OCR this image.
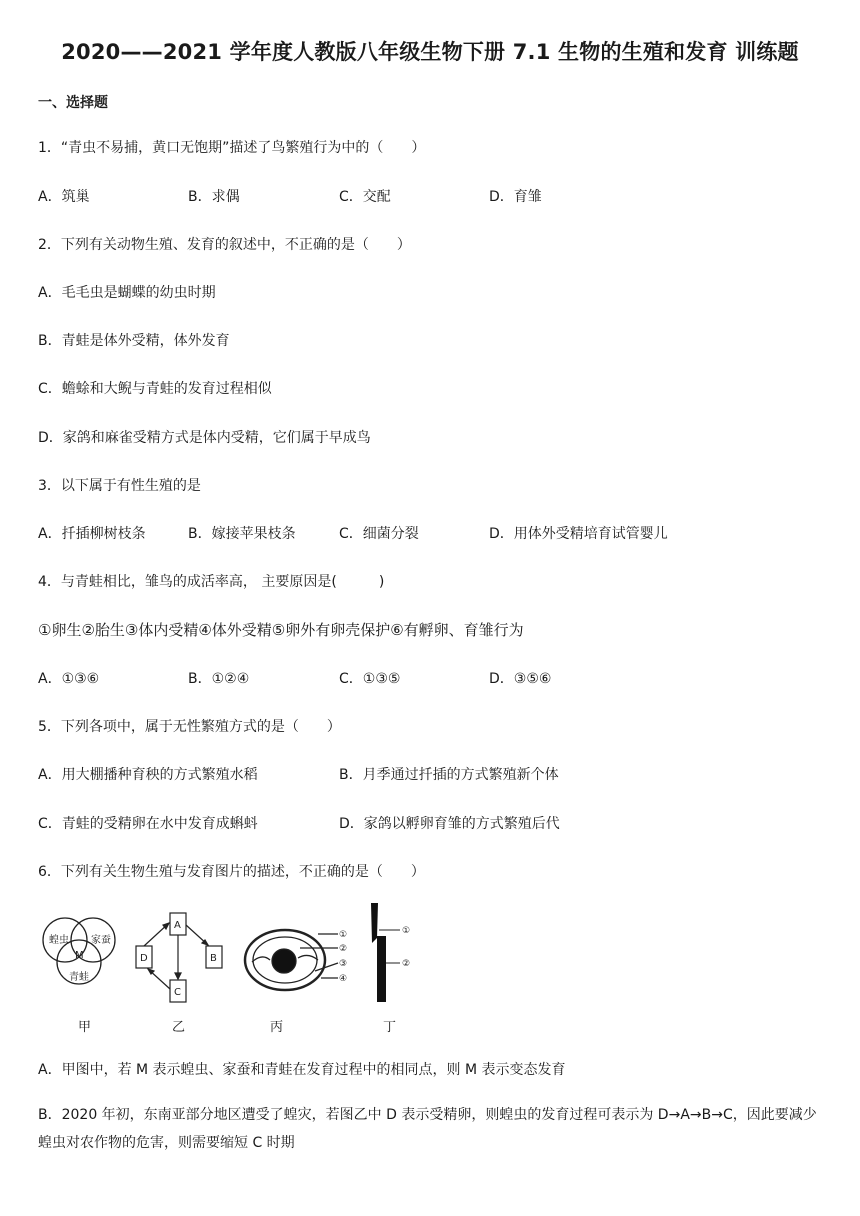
2020——2021 学年度人教版八年级生物下册 7.1 生物的生殖和发育 训练题
一、选择题
1．“青虫不易捕，黄口无饱期”描述了鸟繁殖行为中的（　　）
A．筑巢	B．求偶	C．交配	D．育雏
2．下列有关动物生殖、发育的叙述中，不正确的是（　　）
A．毛毛虫是蝴蝶的幼虫时期
B．青蛙是体外受精，体外发育
C．蟾蜍和大鲵与青蛙的发育过程相似
D．家鸽和麻雀受精方式是体内受精，它们属于早成鸟
3．以下属于有性生殖的是
A．扦插柳树枝条	B．嫁接苹果枝条	C．细菌分裂	D．用体外受精培育试管婴儿
4．与青蛙相比，雏鸟的成活率高， 主要原因是(　　　)
①卵生②胎生③体内受精④体外受精⑤卵外有卵壳保护⑥有孵卵、育雏行为
A．①③⑥	B．①②④	C．①③⑤	D．③⑤⑥
5．下列各项中，属于无性繁殖方式的是（　　）
A．用大棚播种育秧的方式繁殖水稻	B．月季通过扦插的方式繁殖新个体
C．青蛙的受精卵在水中发育成蝌蚪	D．家鸽以孵卵育雏的方式繁殖后代
6．下列有关生物生殖与发育图片的描述，不正确的是（　　）
蝗虫 家蚕
M
青蛙
A
B
C
D
①
②
③
④
①
②
甲	乙	丙	丁
A．甲图中，若 M 表示蝗虫、家蚕和青蛙在发育过程中的相同点，则 M 表示变态发育
B．2020 年初，东南亚部分地区遭受了蝗灾，若图乙中 D 表示受精卵，则蝗虫的发育过程可表示为 D→A→B→C，因此要减少蝗虫对农作物的危害，则需要缩短 C 时期
